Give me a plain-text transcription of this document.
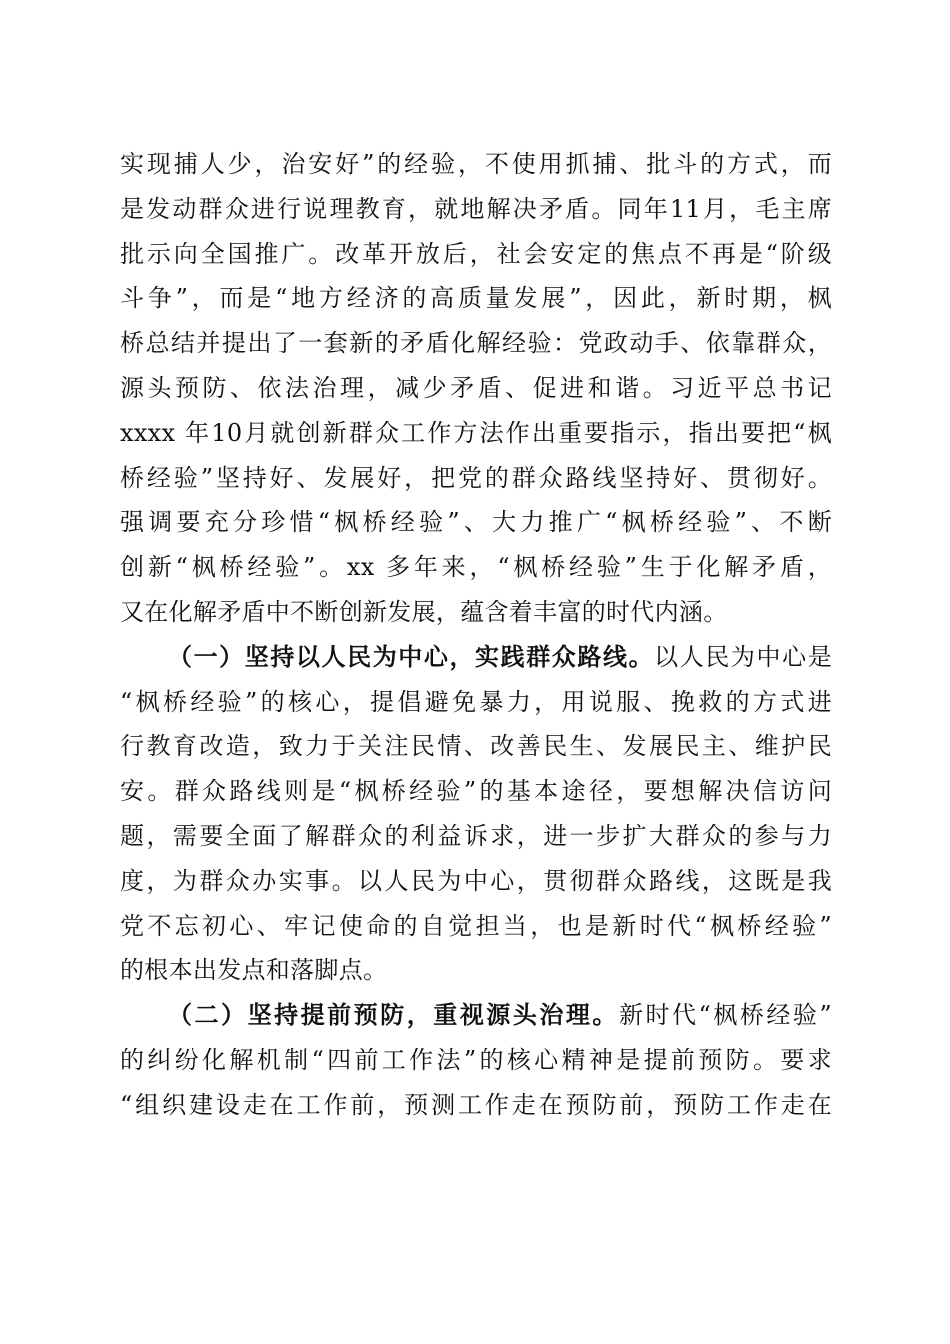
实现捕人少，治安好”的经验，不使用抓捕、批斗的方式，而
是发动群众进行说理教育，就地解决矛盾。同年11月，毛主席
批示向全国推广。改革开放后，社会安定的焦点不再是“阶级
斗争”，而是“地方经济的高质量发展”，因此，新时期，枫
桥总结并提出了一套新的矛盾化解经验：党政动手、依靠群众，
源头预防、依法治理，减少矛盾、促进和谐。习近平总书记
xxxx 年10月就创新群众工作方法作出重要指示，指出要把“枫
桥经验”坚持好、发展好，把党的群众路线坚持好、贯彻好。
强调要充分珍惜“枫桥经验”、大力推广“枫桥经验”、不断
创新“枫桥经验”。xx 多年来，“枫桥经验”生于化解矛盾，
又在化解矛盾中不断创新发展，蕴含着丰富的时代内涵。
（一）坚持以人民为中心，实践群众路线。以人民为中心是
“枫桥经验”的核心，提倡避免暴力，用说服、挽救的方式进
行教育改造，致力于关注民情、改善民生、发展民主、维护民
安。群众路线则是“枫桥经验”的基本途径，要想解决信访问
题，需要全面了解群众的利益诉求，进一步扩大群众的参与力
度，为群众办实事。以人民为中心，贯彻群众路线，这既是我
党不忘初心、牢记使命的自觉担当，也是新时代“枫桥经验”
的根本出发点和落脚点。
（二）坚持提前预防，重视源头治理。新时代“枫桥经验”
的纠纷化解机制“四前工作法”的核心精神是提前预防。要求
“组织建设走在工作前，预测工作走在预防前，预防工作走在
